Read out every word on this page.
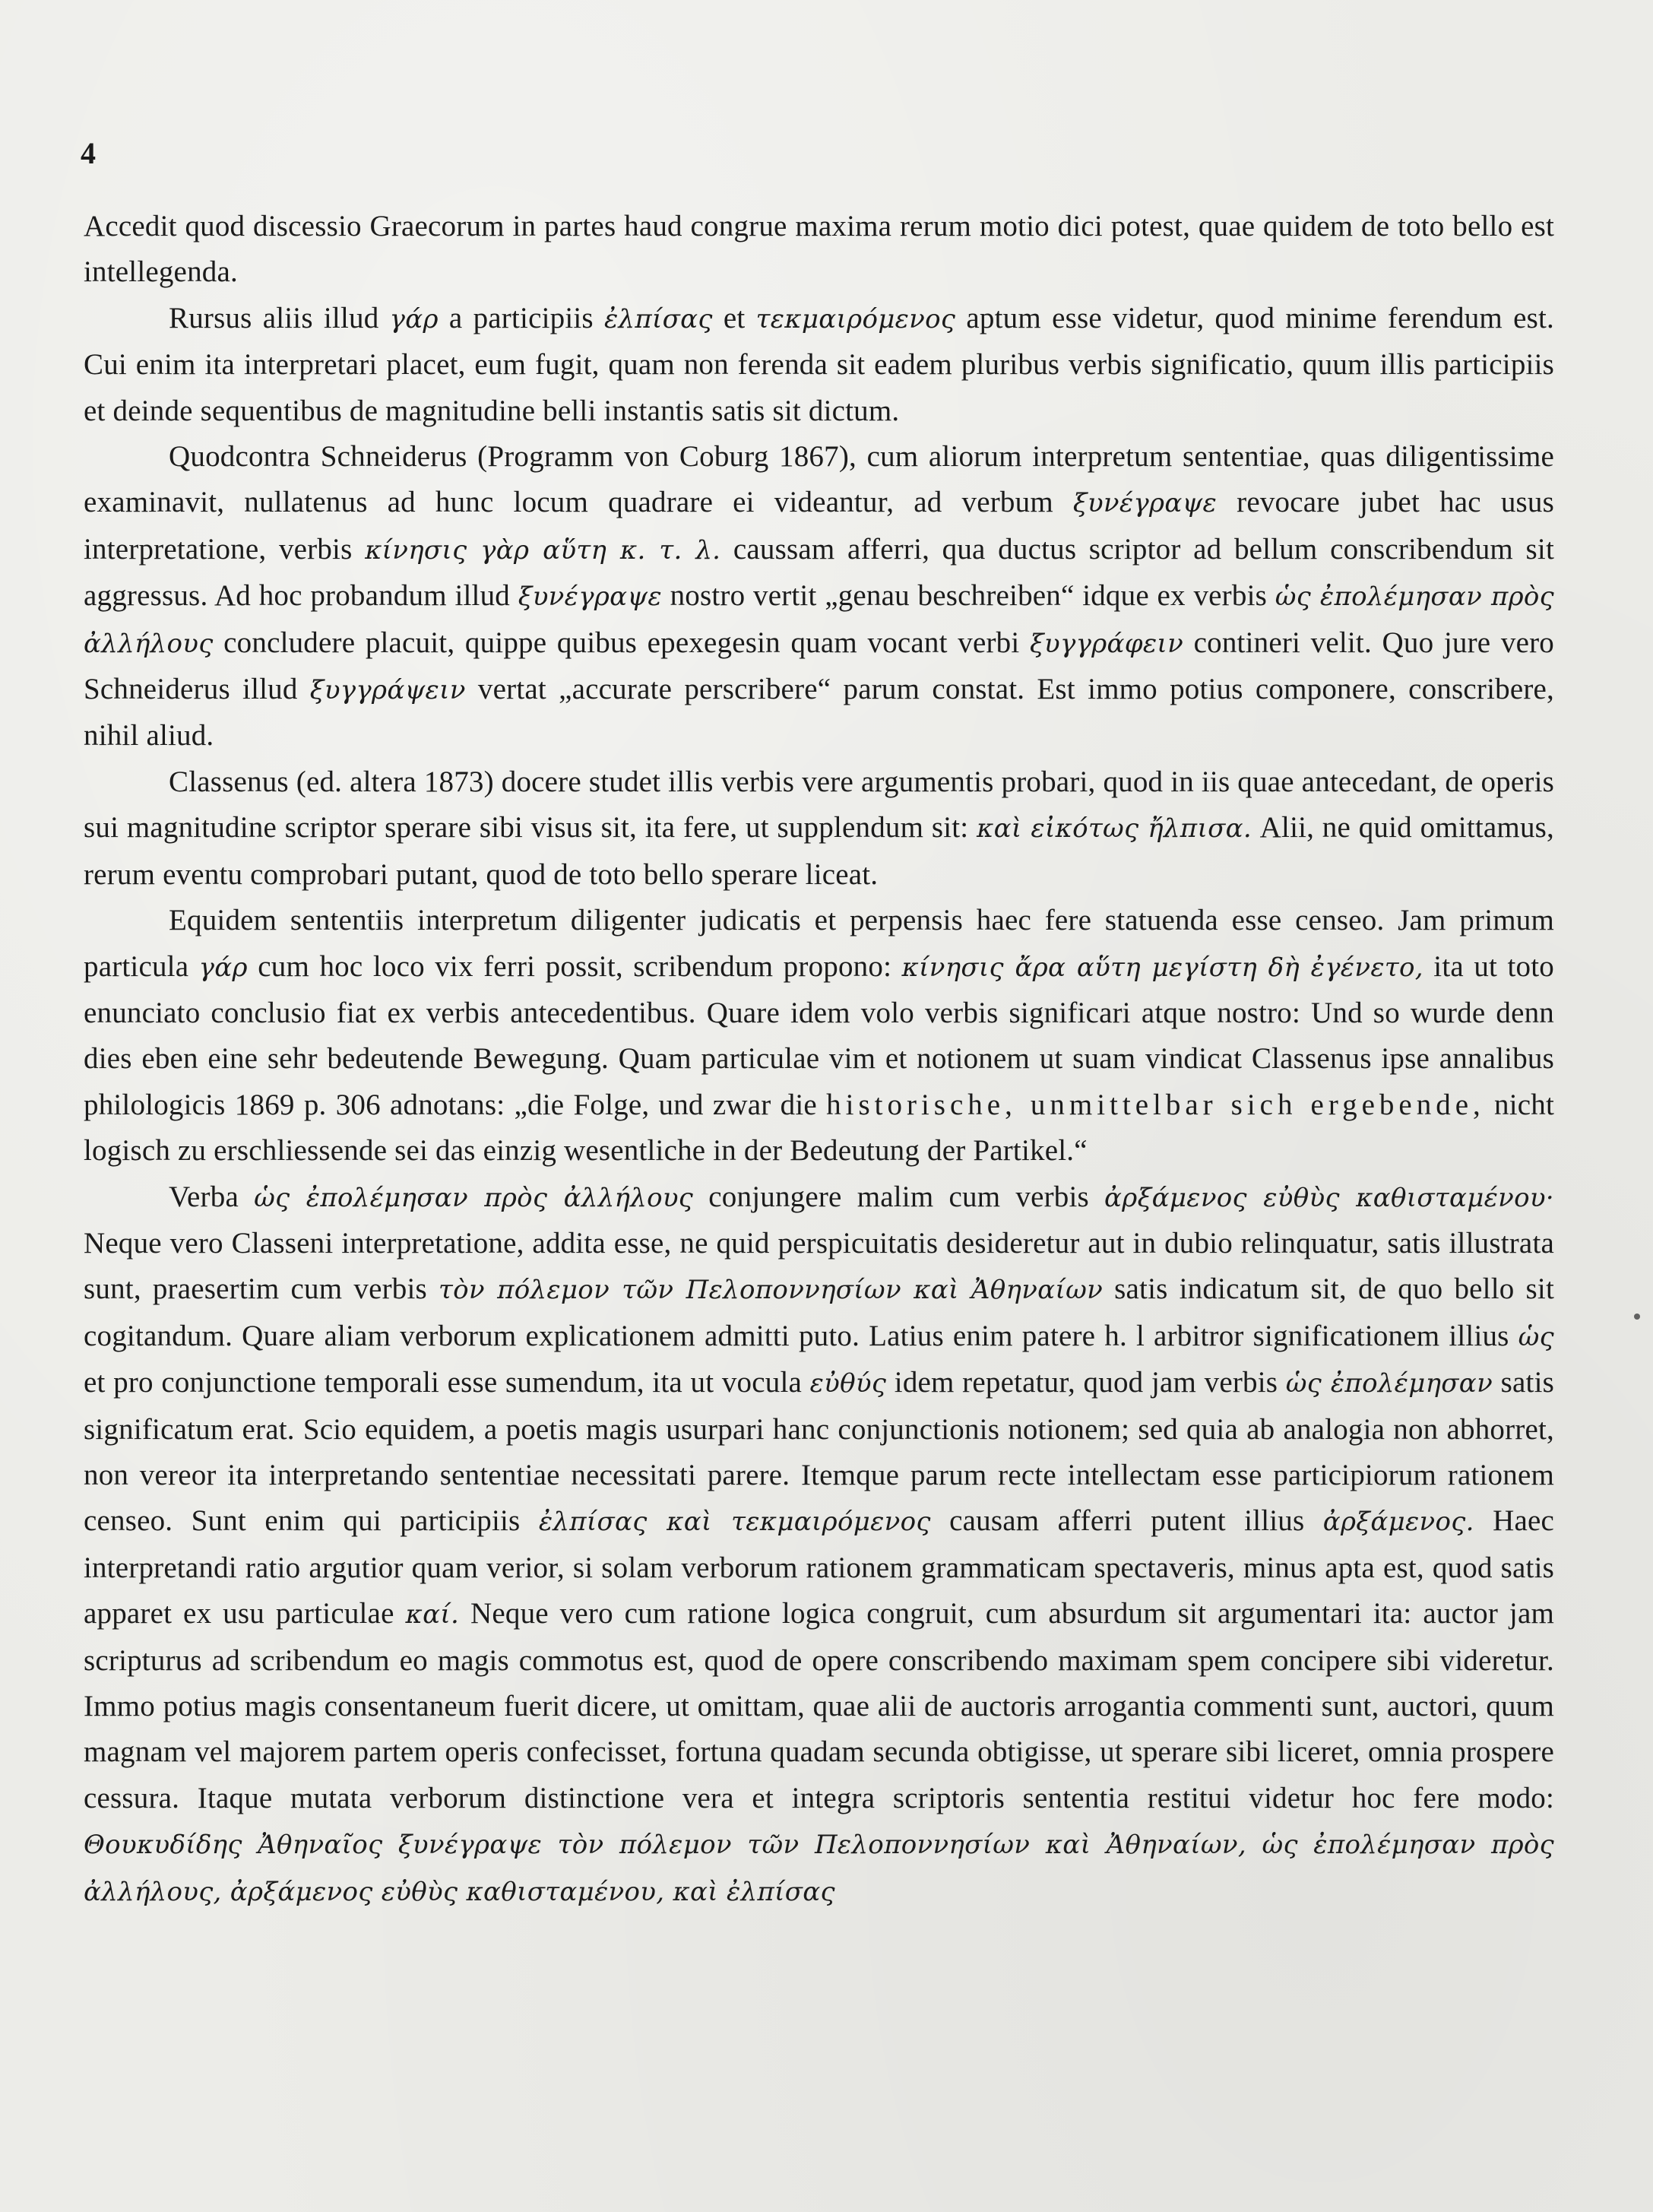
4

Accedit quod discessio Graecorum in partes haud congrue maxima rerum motio dici potest, quae quidem de toto bello est intellegenda.

Rursus aliis illud γάρ a participiis ἐλπίσας et τεκμαιρόμενος aptum esse videtur, quod minime ferendum est. Cui enim ita interpretari placet, eum fugit, quam non ferenda sit eadem pluribus verbis significatio, quum illis participiis et deinde sequentibus de magnitudine belli instantis satis sit dictum.

Quodcontra Schneiderus (Programm von Coburg 1867), cum aliorum interpretum sententiae, quas diligentissime examinavit, nullatenus ad hunc locum quadrare ei videantur, ad verbum ξυνέγραψε revocare jubet hac usus interpretatione, verbis κίνησις γὰρ αὕτη κ. τ. λ. caussam afferri, qua ductus scriptor ad bellum conscribendum sit aggressus. Ad hoc probandum illud ξυνέγραψε nostro vertit „genau beschreiben“ idque ex verbis ὡς ἐπολέμησαν πρὸς ἀλλήλους concludere placuit, quippe quibus epexegesin quam vocant verbi ξυγγράφειν contineri velit. Quo jure vero Schneiderus illud ξυγγράψειν vertat „accurate perscribere“ parum constat. Est immo potius componere, conscribere, nihil aliud.

Classenus (ed. altera 1873) docere studet illis verbis vere argumentis probari, quod in iis quae antecedant, de operis sui magnitudine scriptor sperare sibi visus sit, ita fere, ut supplendum sit: καὶ εἰκότως ἤλπισα. Alii, ne quid omittamus, rerum eventu comprobari putant, quod de toto bello sperare liceat.

Equidem sententiis interpretum diligenter judicatis et perpensis haec fere statuenda esse censeo. Jam primum particula γάρ cum hoc loco vix ferri possit, scribendum propono: κίνησις ἄρα αὕτη μεγίστη δὴ ἐγένετο, ita ut toto enunciato conclusio fiat ex verbis antecedentibus. Quare idem volo verbis significari atque nostro: Und so wurde denn dies eben eine sehr bedeutende Bewegung. Quam particulae vim et notionem ut suam vindicat Classenus ipse annalibus philologicis 1869 p. 306 adnotans: „die Folge, und zwar die historische, unmittelbar sich ergebende, nicht logisch zu erschliessende sei das einzig wesentliche in der Bedeutung der Partikel.“

Verba ὡς ἐπολέμησαν πρὸς ἀλλήλους conjungere malim cum verbis ἀρξάμενος εὐθὺς καθισταμένου· Neque vero Classeni interpretatione, addita esse, ne quid perspicuitatis desideretur aut in dubio relinquatur, satis illustrata sunt, praesertim cum verbis τὸν πόλεμον τῶν Πελοποννησίων καὶ Ἀθηναίων satis indicatum sit, de quo bello sit cogitandum. Quare aliam verborum explicationem admitti puto. Latius enim patere h. l arbitror significationem illius ὡς et pro conjunctione temporali esse sumendum, ita ut vocula εὐθύς idem repetatur, quod jam verbis ὡς ἐπολέμησαν satis significatum erat. Scio equidem, a poetis magis usurpari hanc conjunctionis notionem; sed quia ab analogia non abhorret, non vereor ita interpretando sententiae necessitati parere. Itemque parum recte intellectam esse participiorum rationem censeo. Sunt enim qui participiis ἐλπίσας καὶ τεκμαιρόμενος causam afferri putent illius ἀρξάμενος. Haec interpretandi ratio argutior quam verior, si solam verborum rationem grammaticam spectaveris, minus apta est, quod satis apparet ex usu particulae καί. Neque vero cum ratione logica congruit, cum absurdum sit argumentari ita: auctor jam scripturus ad scribendum eo magis commotus est, quod de opere conscribendo maximam spem concipere sibi videretur. Immo potius magis consentaneum fuerit dicere, ut omittam, quae alii de auctoris arrogantia commenti sunt, auctori, quum magnam vel majorem partem operis confecisset, fortuna quadam secunda obtigisse, ut sperare sibi liceret, omnia prospere cessura. Itaque mutata verborum distinctione vera et integra scriptoris sententia restitui videtur hoc fere modo: Θουκυδίδης Ἀθηναῖος ξυνέγραψε τὸν πόλεμον τῶν Πελοποννησίων καὶ Ἀθηναίων, ὡς ἐπολέμησαν πρὸς ἀλλήλους, ἀρξάμενος εὐθὺς καθισταμένου, καὶ ἐλπίσας
